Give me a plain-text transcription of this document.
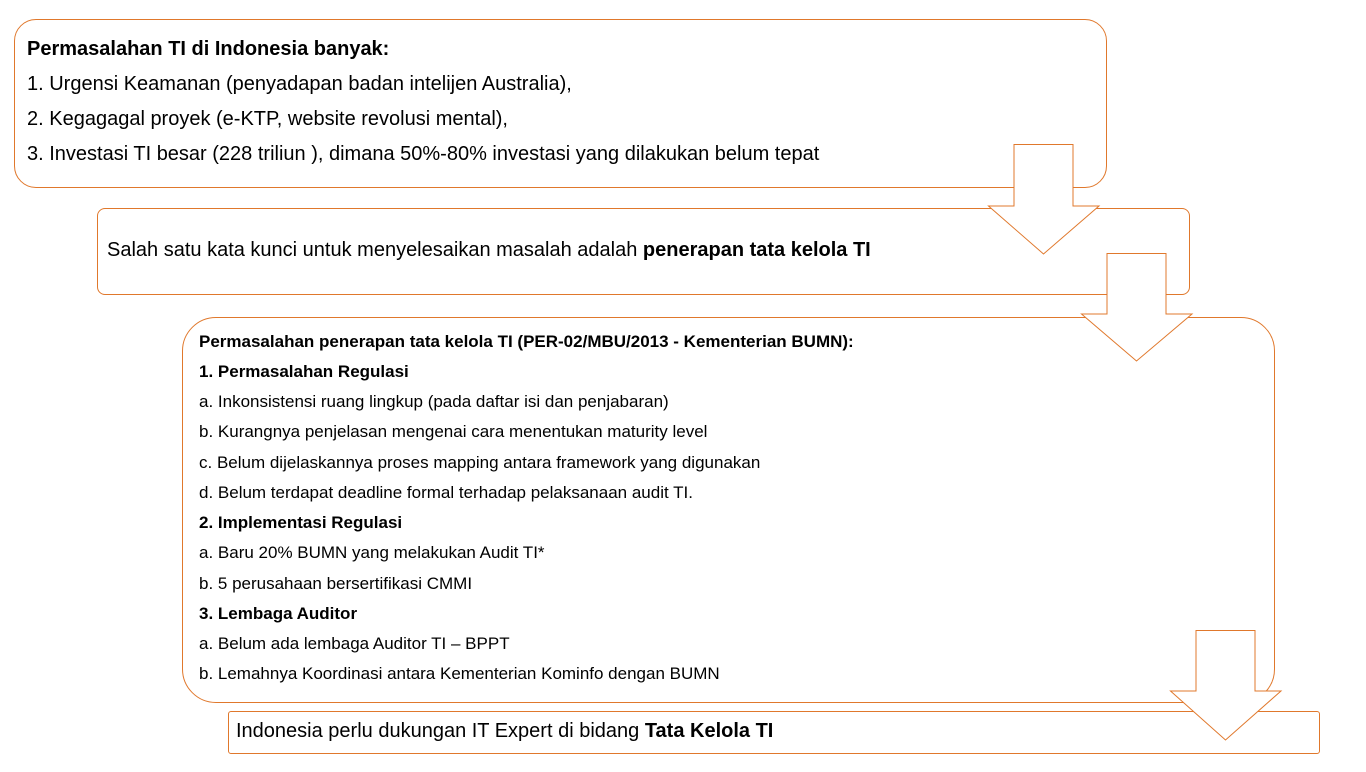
Permasalahan TI di Indonesia banyak:
1. Urgensi Keamanan (penyadapan badan intelijen Australia),
2. Kegagagal proyek (e-KTP, website revolusi mental),
3. Investasi TI besar (228 triliun ), dimana 50%-80% investasi yang dilakukan belum tepat
Salah satu kata kunci untuk menyelesaikan masalah adalah penerapan tata kelola TI
Permasalahan penerapan tata kelola TI (PER-02/MBU/2013 - Kementerian BUMN):
1. Permasalahan Regulasi
a. Inkonsistensi ruang lingkup (pada daftar isi dan penjabaran)
b. Kurangnya penjelasan mengenai cara menentukan maturity level
c. Belum dijelaskannya proses mapping antara framework yang digunakan
d. Belum terdapat deadline formal terhadap pelaksanaan audit TI.
2. Implementasi Regulasi
a. Baru 20% BUMN yang melakukan Audit TI*
b. 5 perusahaan bersertifikasi CMMI
3. Lembaga Auditor
a. Belum ada lembaga Auditor TI – BPPT
b. Lemahnya Koordinasi antara Kementerian Kominfo dengan BUMN
Indonesia perlu dukungan IT Expert di bidang Tata Kelola TI
